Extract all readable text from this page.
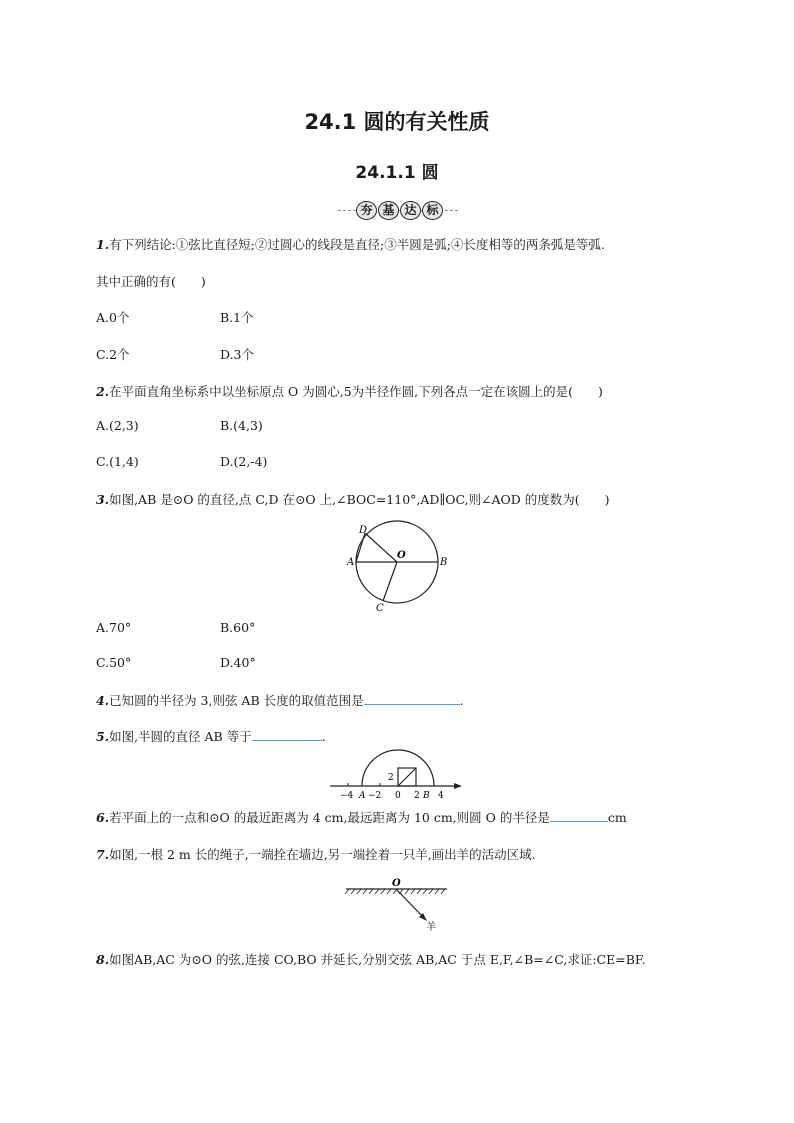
24.1 圆的有关性质
24.1.1 圆
夯 基 达 标
1.有下列结论:①弦比直径短;②过圆心的线段是直径;③半圆是弧;④长度相等的两条弧是等弧.
其中正确的有(　　)
A.0个	B.1个
C.2个	D.3个
2.在平面直角坐标系中以坐标原点 O 为圆心,5为半径作圆,下列各点一定在该圆上的是(　　)
A.(2,3)	B.(4,3)
C.(1,4)	D.(2,-4)
3.如图,AB 是⊙O 的直径,点 C,D 在⊙O 上,∠BOC=110°,AD∥OC,则∠AOD 的度数为(　　)
D
A
O
B
C
A.70°	B.60°
C.50°	D.40°
4.已知圆的半径为 3,则弦 AB 长度的取值范围是	.
5.如图,半圆的直径 AB 等于	.
2
−4 A −2 0 2 B 4
6.若平面上的一点和⊙O 的最近距离为 4 cm,最远距离为 10 cm,则圆 O 的半径是	cm
7.如图,一根 2 m 长的绳子,一端拴在墙边,另一端拴着一只羊,画出羊的活动区域.
O
羊
8.如图AB,AC 为⊙O 的弦,连接 CO,BO 并延长,分别交弦 AB,AC 于点 E,F,∠B=∠C,求证:CE=BF.
